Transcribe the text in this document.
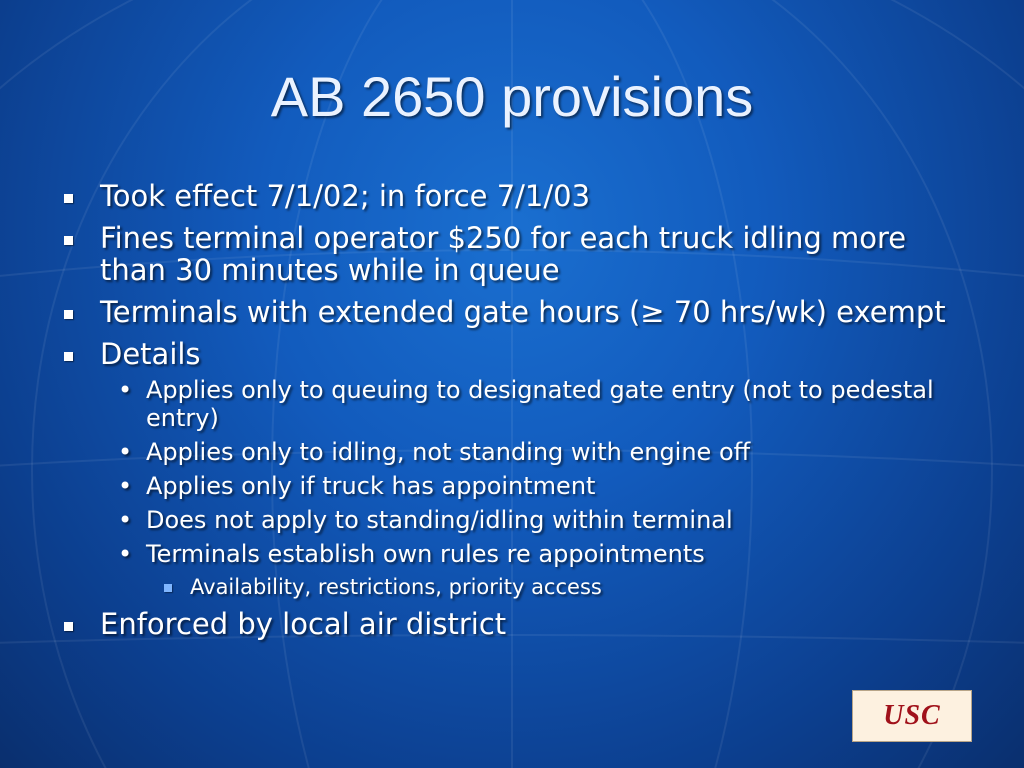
AB 2650 provisions
Took effect 7/1/02; in force 7/1/03
Fines terminal operator $250 for each truck idling more than 30 minutes while in queue
Terminals with extended gate hours (≥ 70 hrs/wk) exempt
Details
• Applies only to queuing to designated gate entry (not to pedestal entry)
• Applies only to idling, not standing with engine off
• Applies only if truck has appointment
• Does not apply to standing/idling within terminal
• Terminals establish own rules re appointments
Availability, restrictions, priority access
Enforced by local air district
USC
